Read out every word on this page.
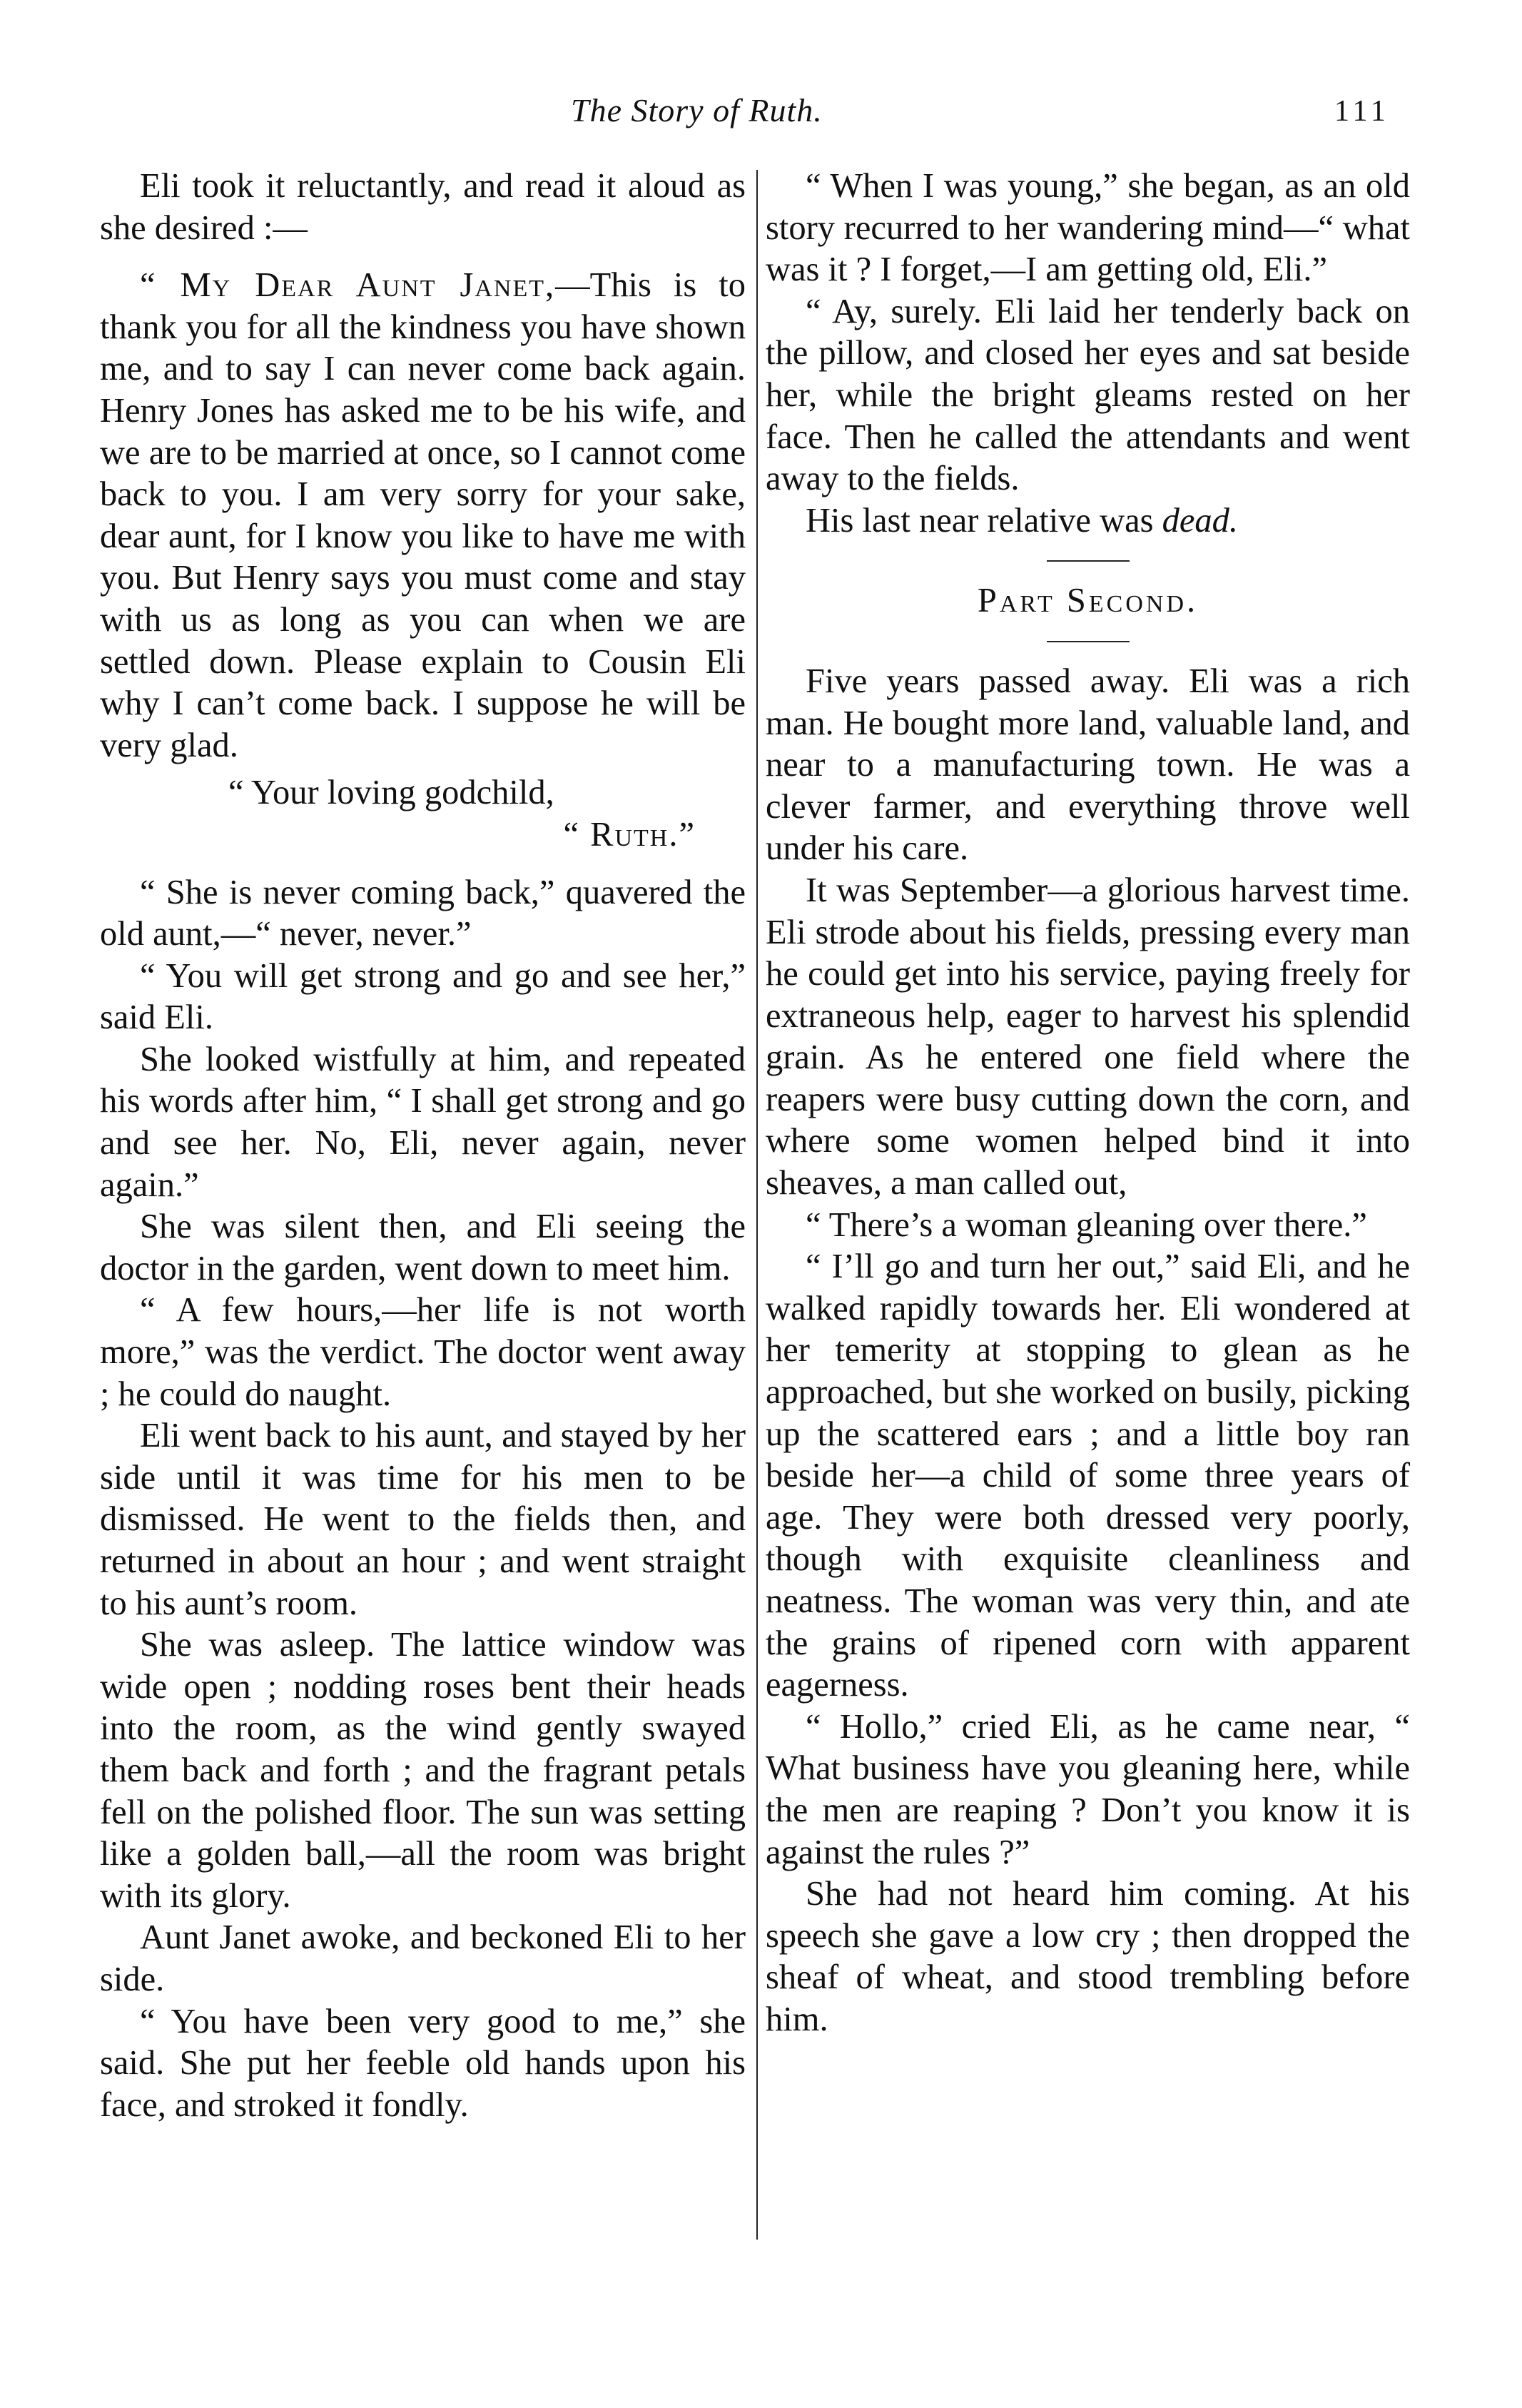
The Story of Ruth.	111

Eli took it reluctantly, and read it aloud as she desired :—

“ My Dear Aunt Janet,—This is to thank you for all the kindness you have shown me, and to say I can never come back again. Henry Jones has asked me to be his wife, and we are to be married at once, so I cannot come back to you. I am very sorry for your sake, dear aunt, for I know you like to have me with you. But Henry says you must come and stay with us as long as you can when we are settled down. Please explain to Cousin Eli why I can’t come back. I suppose he will be very glad.

“ Your loving godchild,

“ Ruth.”

“ She is never coming back,” quavered the old aunt,—“ never, never.”

“ You will get strong and go and see her,” said Eli.

She looked wistfully at him, and repeated his words after him, “ I shall get strong and go and see her. No, Eli, never again, never again.”

She was silent then, and Eli seeing the doctor in the garden, went down to meet him.

“ A few hours,—her life is not worth more,” was the verdict. The doctor went away ; he could do naught.

Eli went back to his aunt, and stayed by her side until it was time for his men to be dismissed. He went to the fields then, and returned in about an hour ; and went straight to his aunt’s room.

She was asleep. The lattice window was wide open ; nodding roses bent their heads into the room, as the wind gently swayed them back and forth ; and the fragrant petals fell on the polished floor. The sun was setting like a golden ball,—all the room was bright with its glory.

Aunt Janet awoke, and beckoned Eli to her side.

“ You have been very good to me,” she said. She put her feeble old hands upon his face, and stroked it fondly.

“ When I was young,” she began, as an old story recurred to her wandering mind—“ what was it ? I forget,—I am getting old, Eli.”

“ Ay, surely. Eli laid her tenderly back on the pillow, and closed her eyes and sat beside her, while the bright gleams rested on her face. Then he called the attendants and went away to the fields.

His last near relative was dead.

Part Second.

Five years passed away. Eli was a rich man. He bought more land, valuable land, and near to a manufacturing town. He was a clever farmer, and everything throve well under his care.

It was September—a glorious harvest time. Eli strode about his fields, pressing every man he could get into his service, paying freely for extraneous help, eager to harvest his splendid grain. As he entered one field where the reapers were busy cutting down the corn, and where some women helped bind it into sheaves, a man called out,

“ There’s a woman gleaning over there.”

“ I’ll go and turn her out,” said Eli, and he walked rapidly towards her. Eli wondered at her temerity at stopping to glean as he approached, but she worked on busily, picking up the scattered ears ; and a little boy ran beside her—a child of some three years of age. They were both dressed very poorly, though with exquisite cleanliness and neatness. The woman was very thin, and ate the grains of ripened corn with apparent eagerness.

“ Hollo,” cried Eli, as he came near, “ What business have you gleaning here, while the men are reaping ? Don’t you know it is against the rules ?”

She had not heard him coming. At his speech she gave a low cry ; then dropped the sheaf of wheat, and stood trembling before him.
